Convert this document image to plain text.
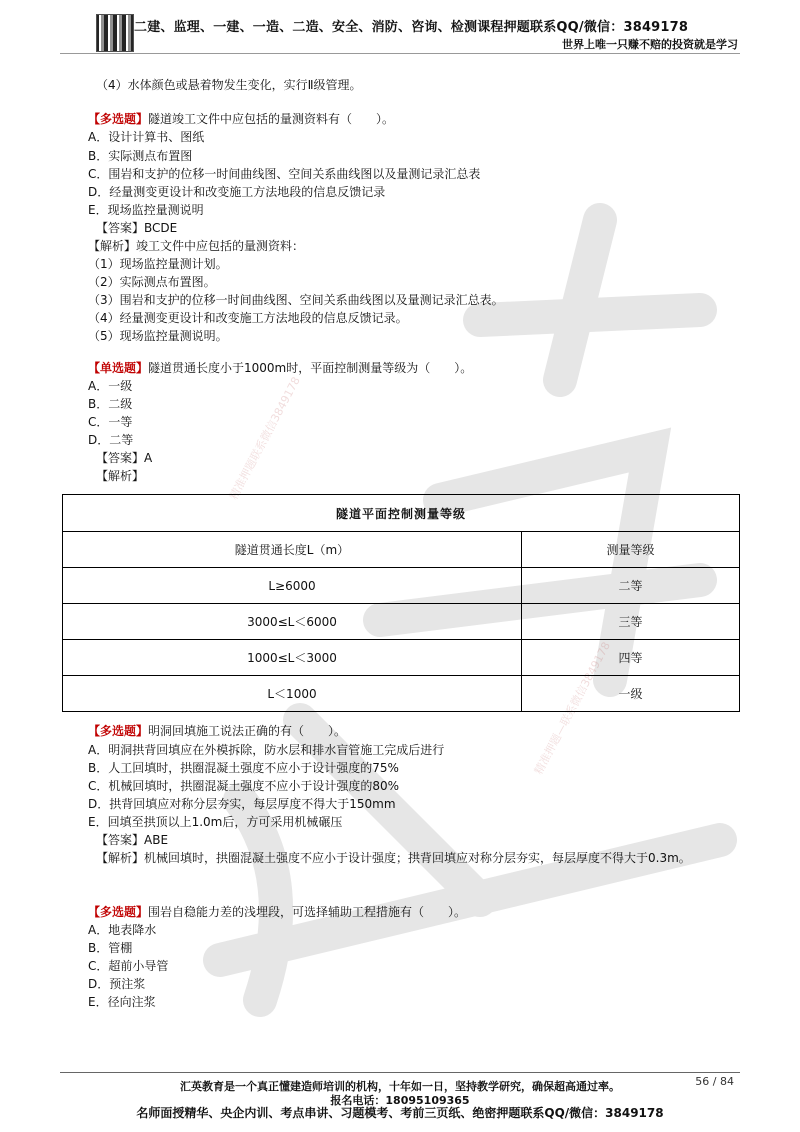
精准押题联系微信3849178
精准押题—联系微信3849178
二建、监理、一建、一造、二造、安全、消防、咨询、检测课程押题联系QQ/微信：3849178
世界上唯一只赚不赔的投资就是学习
（4）水体颜色或悬着物发生变化，实行Ⅱ级管理。
【多选题】隧道竣工文件中应包括的量测资料有（　　）。
A．设计计算书、图纸
B．实际测点布置图
C．围岩和支护的位移一时间曲线图、空间关系曲线图以及量测记录汇总表
D．经量测变更设计和改变施工方法地段的信息反馈记录
E．现场监控量测说明
【答案】BCDE
【解析】竣工文件中应包括的量测资料：
（1）现场监控量测计划。
（2）实际测点布置图。
（3）围岩和支护的位移一时间曲线图、空间关系曲线图以及量测记录汇总表。
（4）经量测变更设计和改变施工方法地段的信息反馈记录。
（5）现场监控量测说明。
【单选题】隧道贯通长度小于1000m时，平面控制测量等级为（　　）。
A．一级
B．二级
C．一等
D．二等
【答案】A
【解析】
隧道平面控制测量等级	
隧道贯通长度L（m）	测量等级
L≥6000	二等
3000≤L＜6000	三等
1000≤L＜3000	四等
L＜1000	一级
【多选题】明洞回填施工说法正确的有（　　）。
A．明洞拱背回填应在外模拆除，防水层和排水盲管施工完成后进行
B．人工回填时，拱圈混凝土强度不应小于设计强度的75%
C．机械回填时，拱圈混凝土强度不应小于设计强度的80%
D．拱背回填应对称分层夯实，每层厚度不得大于150mm
E．回填至拱顶以上1.0m后，方可采用机械碾压
【答案】ABE
【解析】机械回填时，拱圈混凝土强度不应小于设计强度；拱背回填应对称分层夯实，每层厚度不得大于0.3m。
【多选题】围岩自稳能力差的浅埋段，可选择辅助工程措施有（　　）。
A．地表降水
B．管棚
C．超前小导管
D．预注浆
E．径向注浆
汇英教育是一个真正懂建造师培训的机构，十年如一日，坚持教学研究，确保超高通过率。	56 / 84
报名电话：18095109365
名师面授精华、央企内训、考点串讲、习题模考、考前三页纸、绝密押题联系QQ/微信：3849178
